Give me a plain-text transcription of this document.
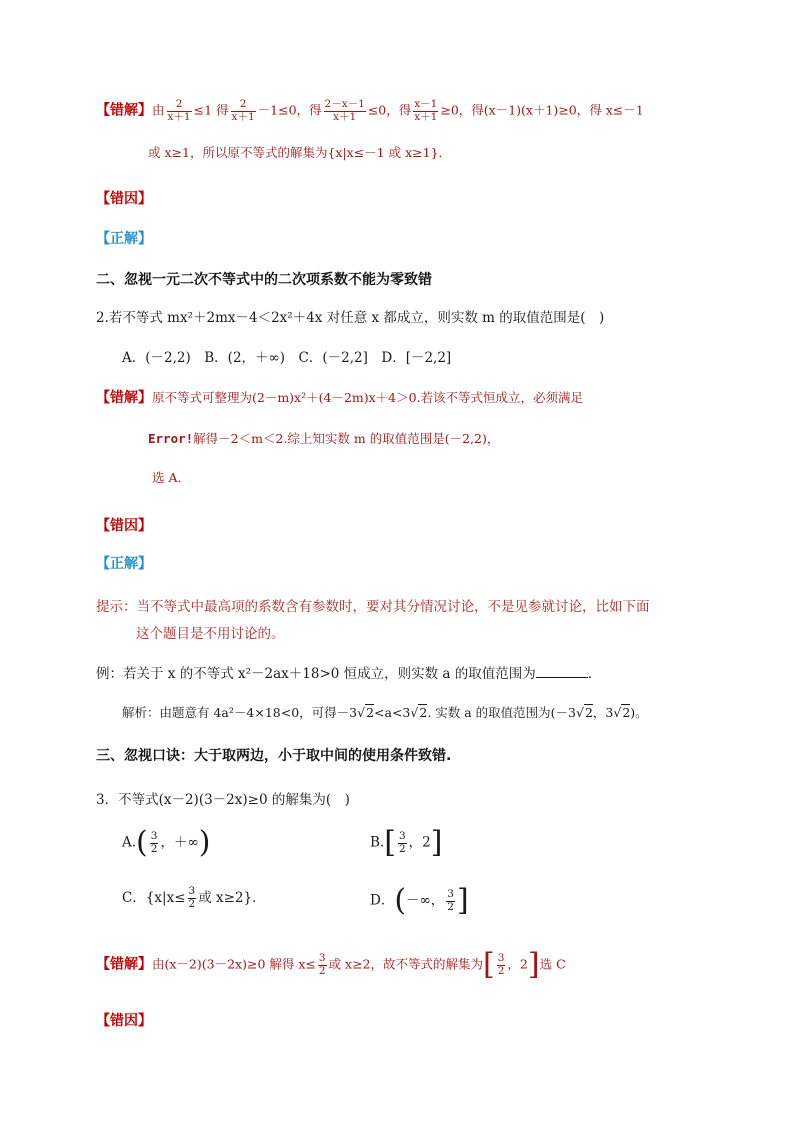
【错解】由 $\frac{2}{x+1} \le 1$ 得 $\frac{2}{x+1} -1\le 0$，得 $\frac{2-x-1}{x+1} \le 0$，得 $\frac{x-1}{x+1} \ge 0$，得(x－1)(x＋1)≥0，得 x≤－1
或 x≥1，所以原不等式的解集为{x|x≤－1 或 x≥1}．
【错因】
【正解】
二、忽视一元二次不等式中的二次项系数不能为零致错
2.若不等式 mx²＋2mx－4＜2x²＋4x 对任意 x 都成立，则实数 m 的取值范围是(　)
A．(－2,2)　B．(2，＋∞)　C．(－2,2]　D．[－2,2]
【错解】原不等式可整理为(2－m)x²＋(4－2m)x＋4＞0.若该不等式恒成立，必须满足
Error!解得－2＜m＜2.综上知实数 m 的取值范围是(－2,2)，
选 A．
【错因】
【正解】
提示：当不等式中最高项的系数含有参数时，要对其分情况讨论，不是见参就讨论，比如下面
这个题目是不用讨论的。
例：若关于 x 的不等式 x²－2ax＋18>0 恒成立，则实数 a 的取值范围为	．
解析：由题意有 4a²－4×18<0，可得－3√2<a<3√2. 实数 a 的取值范围为(－3√2，3√2)。
三、忽视口诀：大于取两边，小于取中间的使用条件致错.
3．不等式(x－2)(3－2x)≥0 的解集为(　)
$A.( \frac{3}{2}$ ，＋∞)	$B.[ \frac{3}{2}$ ，2]
C．{$x|x\le \frac{3}{2}$ 或 x≥2}．	D．(－∞， $\frac{3}{2}$ ]
【错解】由(x－2)(3－2x)≥0 解得 $x\le \frac{3}{2}$ 或 x≥2，故不等式的解集为[ $\frac{3}{2}$ ，2]选 C
【错因】
